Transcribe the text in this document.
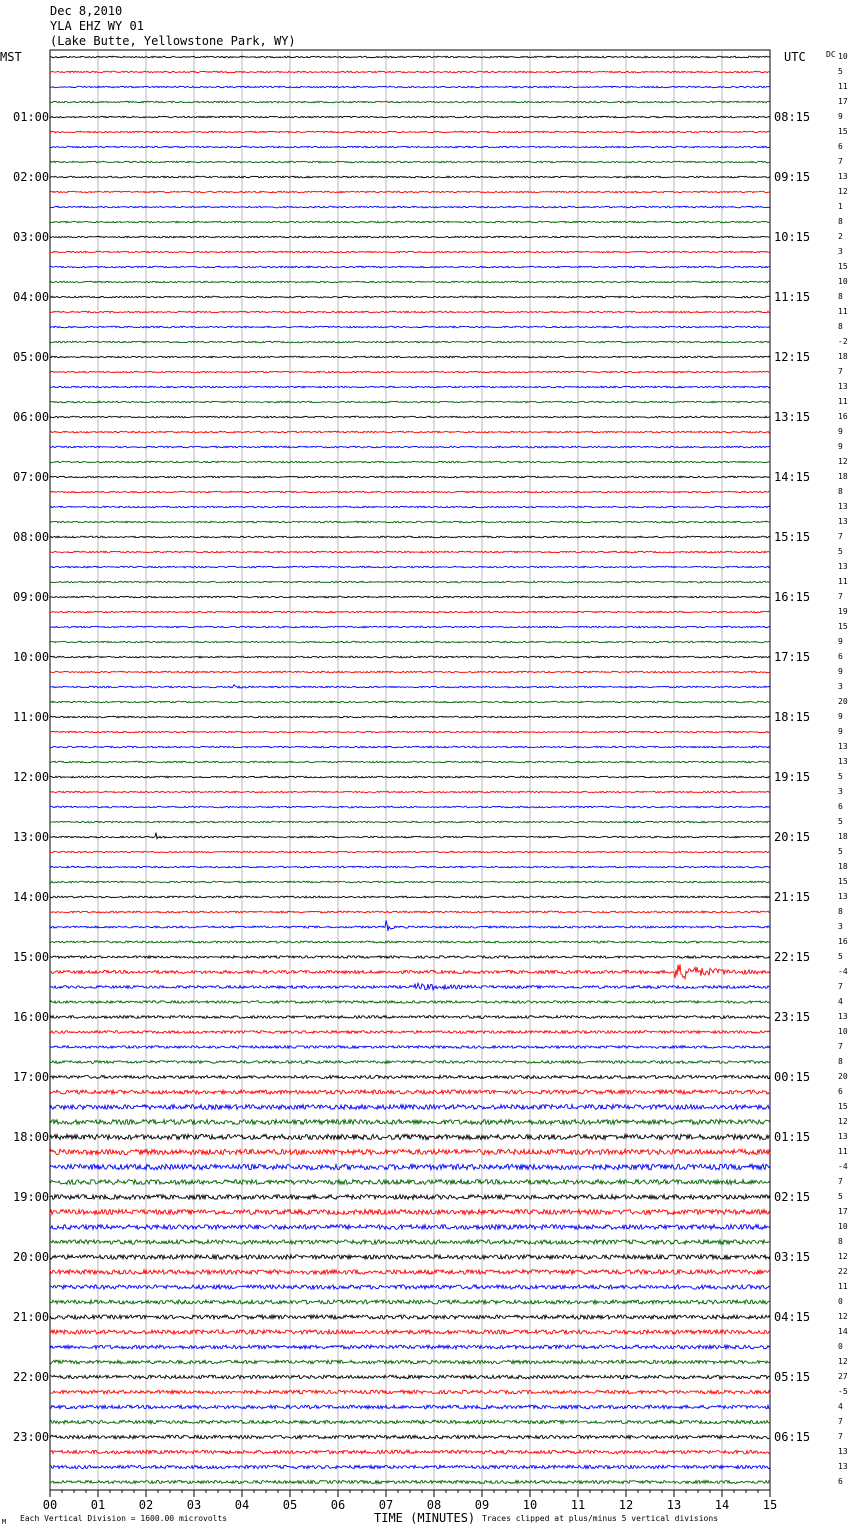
Dec 8,2010
YLA EHZ WY 01
(Lake Butte, Yellowstone Park, WY)
MST	UTC	DC
01:00
02:00
03:00
04:00
05:00
06:00
07:00
08:00
09:00
10:00
11:00
12:00
13:00
14:00
15:00
16:00
17:00
18:00
19:00
20:00
21:00
22:00
23:00
08:15
09:15
10:15
11:15
12:15
13:15
14:15
15:15
16:15
17:15
18:15
19:15
20:15
21:15
22:15
23:15
00:15
01:15
02:15
03:15
04:15
05:15
06:15
10
5
11
17
9
15
6
7
13
12
1
8
2
3
15
10
8
11
8
-2
18
7
13
11
16
9
9
12
18
8
13
13
7
5
13
11
7
19
15
9
6
9
3
20
9
9
13
13
5
3
6
5
18
5
18
15
13
8
3
16
5
-4
7
4
13
10
7
8
20
6
15
12
13
11
-4
7
5
17
10
8
12
22
11
0
12
14
0
12
27
-5
4
7
7
13
13
6
00	01	02	03	04	05	06	07	08	09	10	11	12	13	14	15
TIME (MINUTES)
Each Vertical Division = 1600.00 microvolts	Traces clipped at plus/minus 5 vertical divisions
M
